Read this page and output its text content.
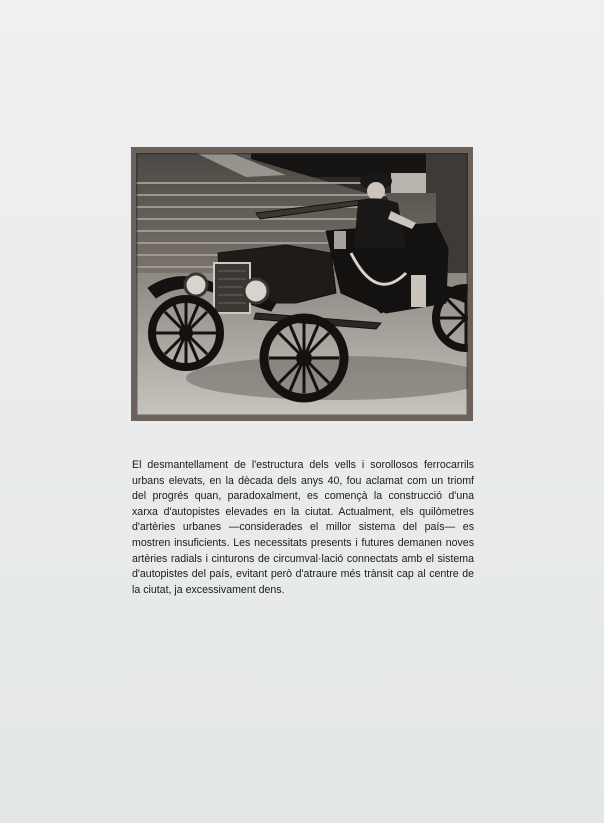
El desmantellament de l'estructura dels vells i sorollosos ferrocarrils urbans elevats, en la dècada dels anys 40, fou aclamat com un triomf del progrés quan, paradoxalment, es començà la construcció d'una xarxa d'autopistes elevades en la ciutat. Actualment, els quilòmetres d'artèries urbanes —considerades el millor sistema del país— es mostren insuficients. Les necessitats presents i futures demanen noves artèries radials i cinturons de circumval·lació connectats amb el sistema d'autopistes del país, evitant però d'atraure més trànsit cap al centre de la ciutat, ja excessivament dens.
